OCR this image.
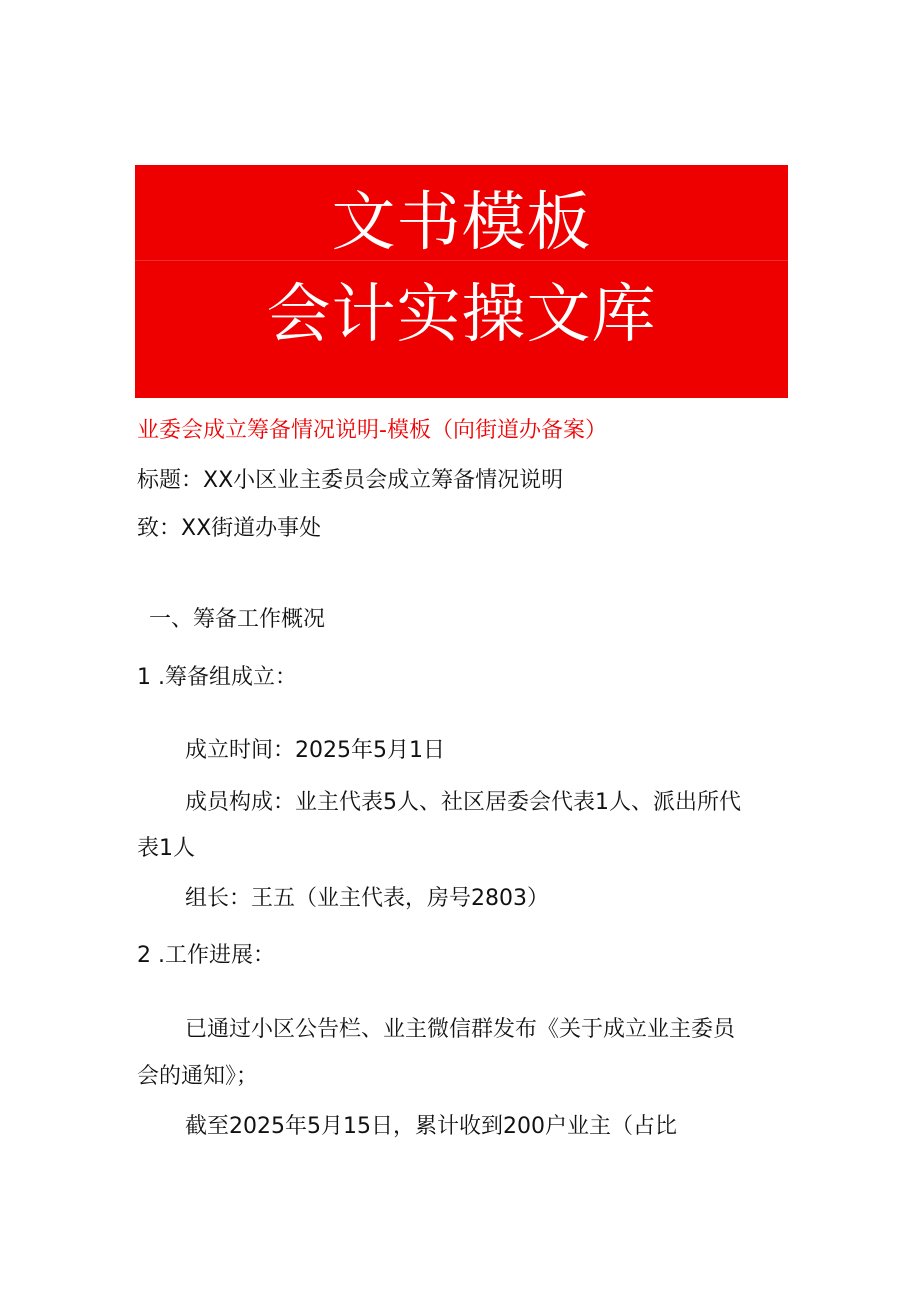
文书模板
会计实操文库
业委会成立筹备情况说明-模板（向街道办备案）
标题：XX小区业主委员会成立筹备情况说明
致：XX街道办事处
一、筹备工作概况
1 .筹备组成立：
成立时间：2025年5月1日
成员构成：业主代表5人、社区居委会代表1人、派出所代
表1人
组长：王五（业主代表，房号2803）
2 .工作进展：
已通过小区公告栏、业主微信群发布《关于成立业主委员
会的通知》；
截至2025年5月15日，累计收到200户业主（占比
